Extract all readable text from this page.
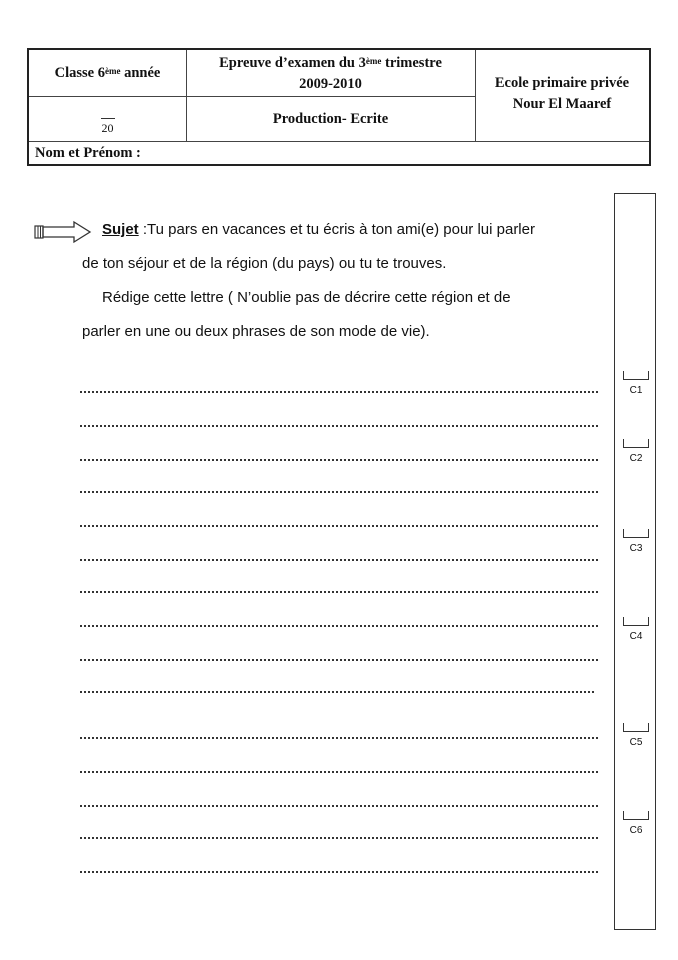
Classe 6ème année
Epreuve d’examen du 3ème trimestre
2009-2010	Ecole primaire privée
Nour El Maaref
20
Production- Ecrite
Nom et Prénom :
Sujet :Tu pars en vacances et tu écris à ton ami(e) pour lui parler
de ton séjour et de la région (du pays) ou tu te trouves.
Rédige cette lettre ( N’oublie pas de décrire cette région et de
parler en une ou deux phrases de son mode de vie).
C1
C2
C3
C4
C5
C6
